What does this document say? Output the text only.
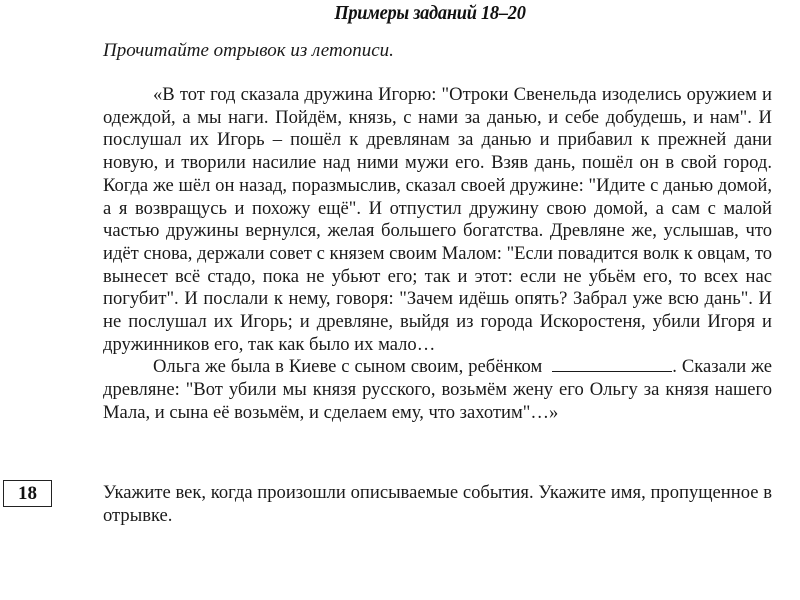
Примеры заданий 18–20
Прочитайте отрывок из летописи.

«В тот год сказала дружина Игорю: "Отроки Свенельда изоделись оружием и одеждой, а мы наги. Пойдём, князь, с нами за данью, и себе добудешь, и нам". И послушал их Игорь – пошёл к древлянам за данью и прибавил к прежней дани новую, и творили насилие над ними мужи его. Взяв дань, пошёл он в свой город. Когда же шёл он назад, поразмыслив, сказал своей дружине: "Идите с данью домой, а я возвращусь и похожу ещё". И отпустил дружину свою домой, а сам с малой частью дружины вернулся, желая большего богатства. Древляне же, услышав, что идёт снова, держали совет с князем своим Малом: "Если повадится волк к овцам, то вынесет всё стадо, пока не убьют его; так и этот: если не убьём его, то всех нас погубит". И послали к нему, говоря: "Зачем идёшь опять? Забрал уже всю дань". И не послушал их Игорь; и древляне, выйдя из города Искоростеня, убили Игоря и дружинников его, так как было их мало…

Ольга же была в Киеве с сыном своим, ребёнком	. Сказали же древляне: "Вот убили мы князя русского, возьмём жену его Ольгу за князя нашего Мала, и сына её возьмём, и сделаем ему, что захотим"…»

18	Укажите век, когда произошли описываемые события. Укажите имя, пропущенное в отрывке.
